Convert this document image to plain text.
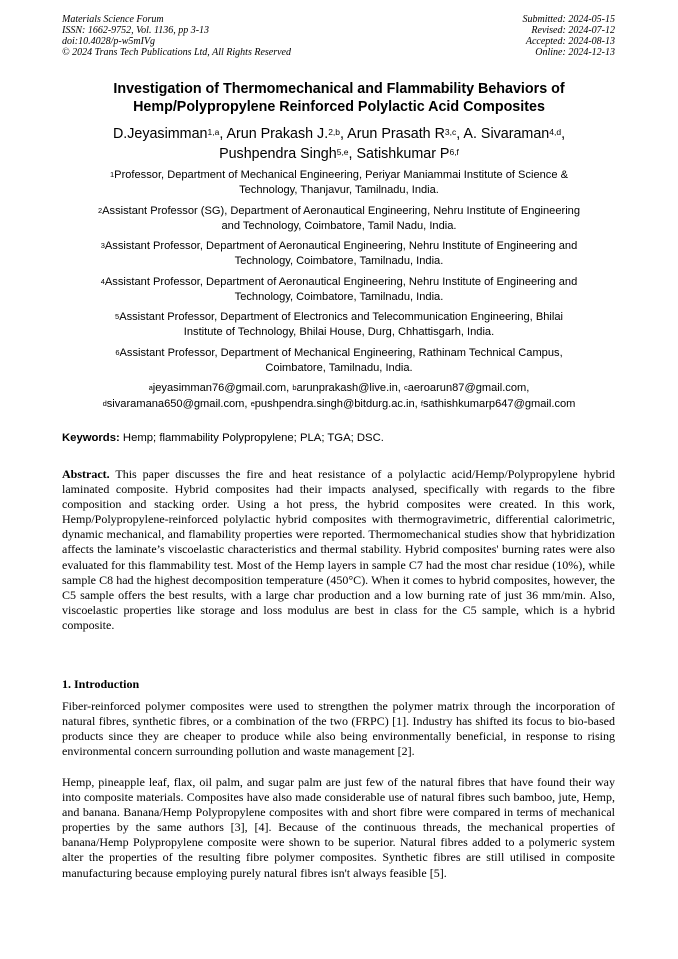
Materials Science Forum
ISSN: 1662-9752, Vol. 1136, pp 3-13
doi:10.4028/p-w5mIVg
© 2024 Trans Tech Publications Ltd, All Rights Reserved
Submitted: 2024-05-15
Revised: 2024-07-12
Accepted: 2024-08-13
Online: 2024-12-13
Investigation of Thermomechanical and Flammability Behaviors of
Hemp/Polypropylene Reinforced Polylactic Acid Composites
D.Jeyasimman$^{1,a}$, Arun Prakash J.$^{2,b}$, Arun Prasath R$^{3,c}$, A. Sivaraman$^{4,d}$,
Pushpendra Singh$^{5,e}$, Satishkumar P$^{6,f}$
$^1$Professor, Department of Mechanical Engineering, Periyar Maniammai Institute of Science &
Technology, Thanjavur, Tamilnadu, India.
$^2$Assistant Professor (SG), Department of Aeronautical Engineering, Nehru Institute of Engineering
and Technology, Coimbatore, Tamil Nadu, India.
$^3$Assistant Professor, Department of Aeronautical Engineering, Nehru Institute of Engineering and
Technology, Coimbatore, Tamilnadu, India.
$^4$Assistant Professor, Department of Aeronautical Engineering, Nehru Institute of Engineering and
Technology, Coimbatore, Tamilnadu, India.
$^5$Assistant Professor, Department of Electronics and Telecommunication Engineering, Bhilai
Institute of Technology, Bhilai House, Durg, Chhattisgarh, India.
$^6$Assistant Professor, Department of Mechanical Engineering, Rathinam Technical Campus,
Coimbatore, Tamilnadu, India.
$^a$jeyasimman76@gmail.com, $^b$arunprakash@live.in, $^c$aeroarun87@gmail.com,
$^d$sivaramana650@gmail.com, $^e$pushpendra.singh@bitdurg.ac.in, $^f$sathishkumarp647@gmail.com
Keywords: Hemp; flammability Polypropylene; PLA; TGA; DSC.
Abstract. This paper discusses the fire and heat resistance of a polylactic acid/Hemp/Polypropylene hybrid laminated composite. Hybrid composites had their impacts analysed, specifically with regards to the fibre composition and stacking order. Using a hot press, the hybrid composites were created. In this work, Hemp/Polypropylene-reinforced polylactic hybrid composites with thermogravimetric, differential calorimetric, dynamic mechanical, and flamability properties were reported. Thermomechanical studies show that hybridization affects the laminate’s viscoelastic characteristics and thermal stability. Hybrid composites' burning rates were also evaluated for this flammability test. Most of the Hemp layers in sample C7 had the most char residue (10%), while sample C8 had the highest decomposition temperature (450°C). When it comes to hybrid composites, however, the C5 sample offers the best results, with a large char production and a low burning rate of just 36 mm/min. Also, viscoelastic properties like storage and loss modulus are best in class for the C5 sample, which is a hybrid composite.
1. Introduction
Fiber-reinforced polymer composites were used to strengthen the polymer matrix through the incorporation of natural fibres, synthetic fibres, or a combination of the two (FRPC) [1]. Industry has shifted its focus to bio-based products since they are cheaper to produce while also being environmentally beneficial, in response to rising environmental concern surrounding pollution and waste management [2].
Hemp, pineapple leaf, flax, oil palm, and sugar palm are just few of the natural fibres that have found their way into composite materials. Composites have also made considerable use of natural fibres such bamboo, jute, Hemp, and banana. Banana/Hemp Polypropylene composites with and short fibre were compared in terms of mechanical properties by the same authors [3], [4]. Because of the continuous threads, the mechanical properties of banana/Hemp Polypropylene composite were shown to be superior. Natural fibres added to a polymeric system alter the properties of the resulting fibre polymer composites. Synthetic fibres are still utilised in composite manufacturing because employing purely natural fibres isn't always feasible [5].
